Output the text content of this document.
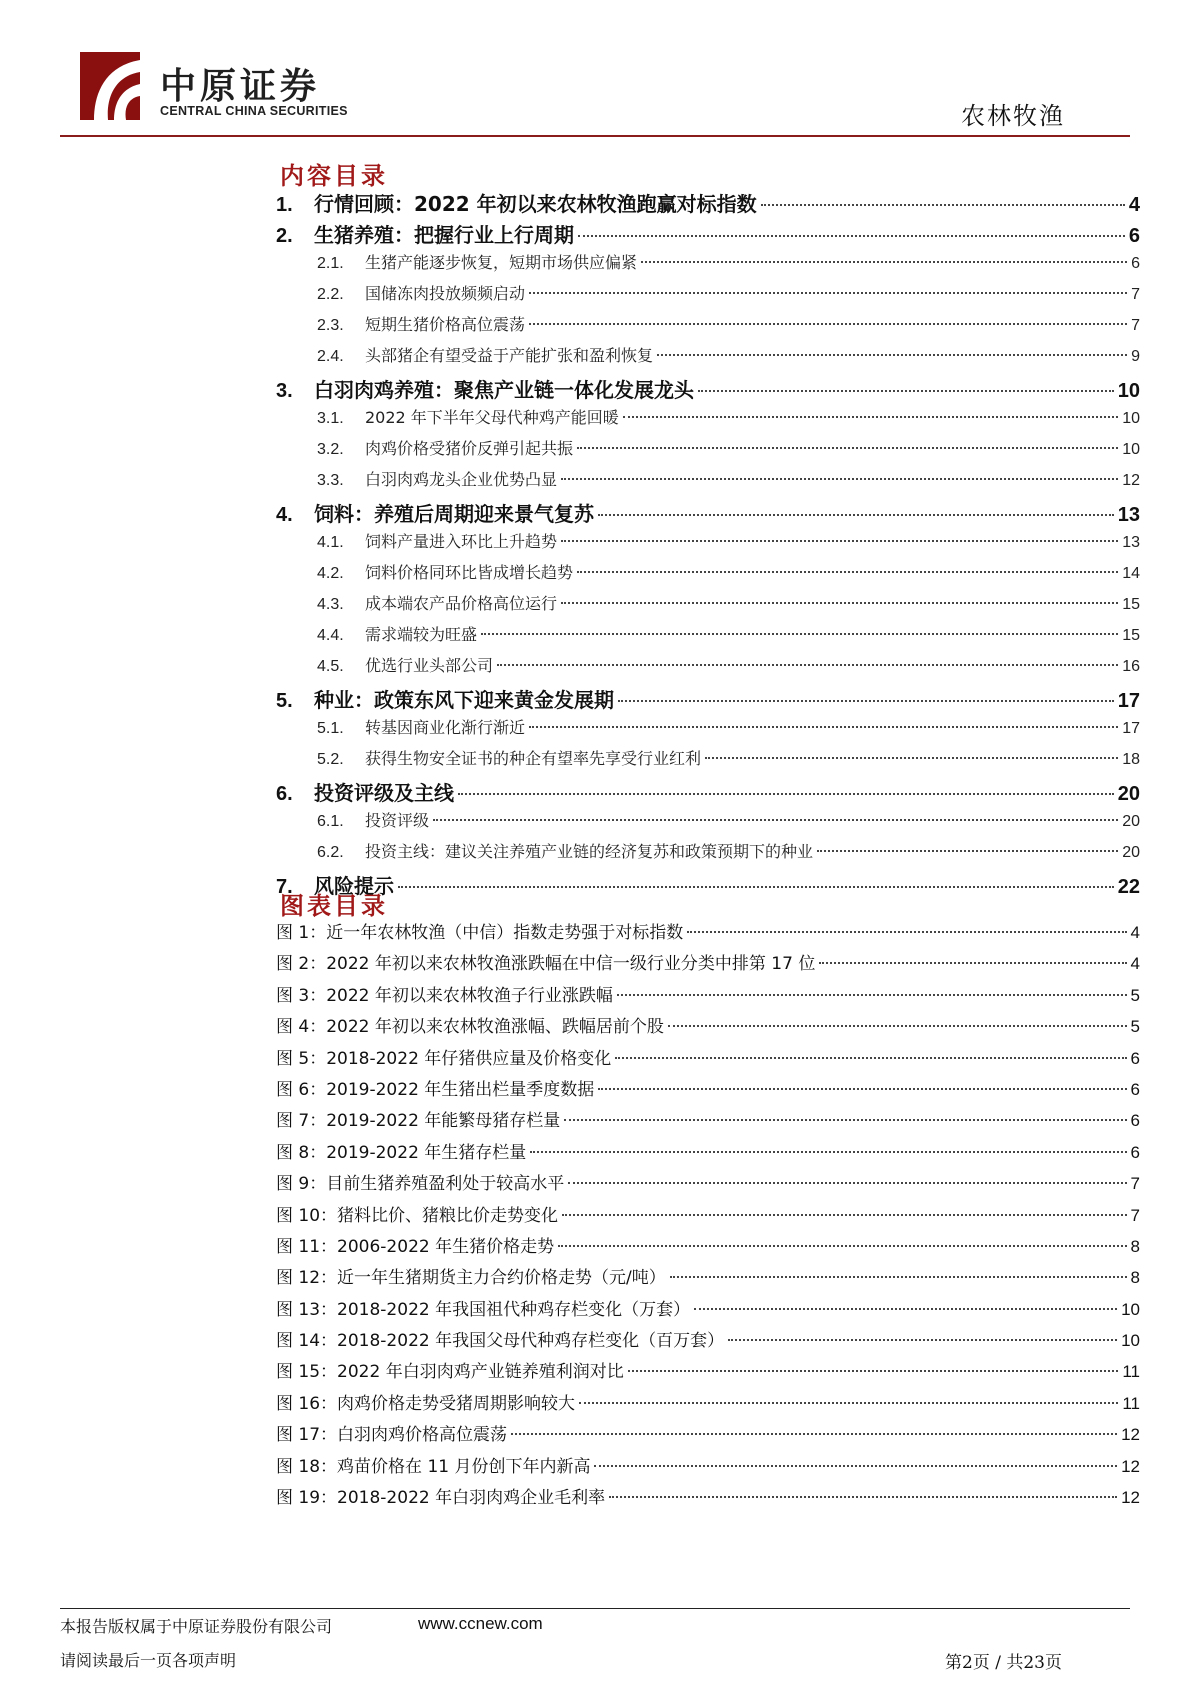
中原证券
CENTRAL CHINA SECURITIES	农林牧渔
内容目录
1.	行情回顾：2022 年初以来农林牧渔跑赢对标指数	4
2.	生猪养殖：把握行业上行周期	6
2.1.	生猪产能逐步恢复，短期市场供应偏紧	6
2.2.	国储冻肉投放频频启动	7
2.3.	短期生猪价格高位震荡	7
2.4.	头部猪企有望受益于产能扩张和盈利恢复	9
3.	白羽肉鸡养殖：聚焦产业链一体化发展龙头	10
3.1.	2022 年下半年父母代种鸡产能回暖	10
3.2.	肉鸡价格受猪价反弹引起共振	10
3.3.	白羽肉鸡龙头企业优势凸显	12
4.	饲料：养殖后周期迎来景气复苏	13
4.1.	饲料产量进入环比上升趋势	13
4.2.	饲料价格同环比皆成增长趋势	14
4.3.	成本端农产品价格高位运行	15
4.4.	需求端较为旺盛	15
4.5.	优选行业头部公司	16
5.	种业：政策东风下迎来黄金发展期	17
5.1.	转基因商业化渐行渐近	17
5.2.	获得生物安全证书的种企有望率先享受行业红利	18
6.	投资评级及主线	20
6.1.	投资评级	20
6.2.	投资主线：建议关注养殖产业链的经济复苏和政策预期下的种业	20
7.	风险提示	22
图表目录
图 1：近一年农林牧渔（中信）指数走势强于对标指数	4
图 2：2022 年初以来农林牧渔涨跌幅在中信一级行业分类中排第 17 位	4
图 3：2022 年初以来农林牧渔子行业涨跌幅	5
图 4：2022 年初以来农林牧渔涨幅、跌幅居前个股	5
图 5：2018-2022 年仔猪供应量及价格变化	6
图 6：2019-2022 年生猪出栏量季度数据	6
图 7：2019-2022 年能繁母猪存栏量	6
图 8：2019-2022 年生猪存栏量	6
图 9：目前生猪养殖盈利处于较高水平	7
图 10：猪料比价、猪粮比价走势变化	7
图 11：2006-2022 年生猪价格走势	8
图 12：近一年生猪期货主力合约价格走势（元/吨）	8
图 13：2018-2022 年我国祖代种鸡存栏变化（万套）	10
图 14：2018-2022 年我国父母代种鸡存栏变化（百万套）	10
图 15：2022 年白羽肉鸡产业链养殖利润对比	11
图 16：肉鸡价格走势受猪周期影响较大	11
图 17：白羽肉鸡价格高位震荡	12
图 18：鸡苗价格在 11 月份创下年内新高	12
图 19：2018-2022 年白羽肉鸡企业毛利率	12
本报告版权属于中原证券股份有限公司	www.ccnew.com
请阅读最后一页各项声明	第2页 / 共23页
